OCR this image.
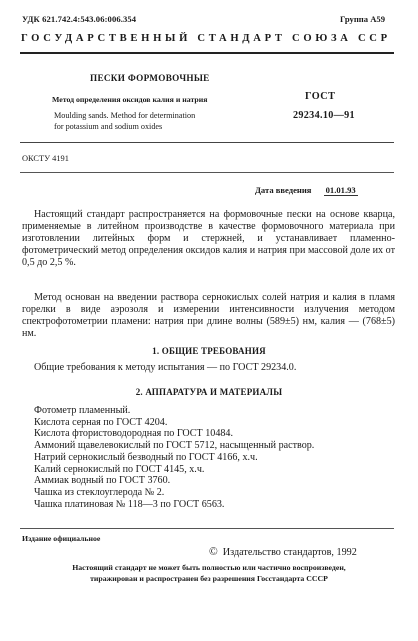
УДК 621.742.4:543.06:006.354	Группа А59
ГОСУДАРСТВЕННЫЙ СТАНДАРТ СОЮЗА ССР
ПЕСКИ ФОРМОВОЧНЫЕ
ГОСТ
Метод определения оксидов калия и натрия
Moulding sands. Method for determination
for potassium and sodium oxides
29234.10—91
ОКСТУ 4191
Дата введения 01.01.93
Настоящий стандарт распространяется на формовочные пески на основе кварца, применяемые в литейном производстве в качестве формовочного материала при изготовлении литейных форм и стержней, и устанавливает пламенно-фотометрический метод определения оксидов калия и натрия при массовой доле их от 0,5 до 2,5 %.
Метод основан на введении раствора сернокислых солей натрия и калия в пламя горелки в виде аэрозоля и измерении интенсивности излучения методом спектрофотометрии пламени: натрия при длине волны (589±5) нм, калия — (768±5) нм.
1. ОБЩИЕ ТРЕБОВАНИЯ
Общие требования к методу испытания — по ГОСТ 29234.0.
2. АППАРАТУРА И МАТЕРИАЛЫ
Фотометр пламенный.
Кислота серная по ГОСТ 4204.
Кислота фтористоводородная по ГОСТ 10484.
Аммоний щавелевокислый по ГОСТ 5712, насыщенный раствор.
Натрий сернокислый безводный по ГОСТ 4166, х.ч.
Калий сернокислый по ГОСТ 4145, х.ч.
Аммиак водный по ГОСТ 3760.
Чашка из стеклоуглерода № 2.
Чашка платиновая № 118—3 по ГОСТ 6563.
Издание официальное
© Издательство стандартов, 1992
Настоящий стандарт не может быть полностью или частично воспроизведен,
тиражирован и распространен без разрешения Госстандарта СССР
